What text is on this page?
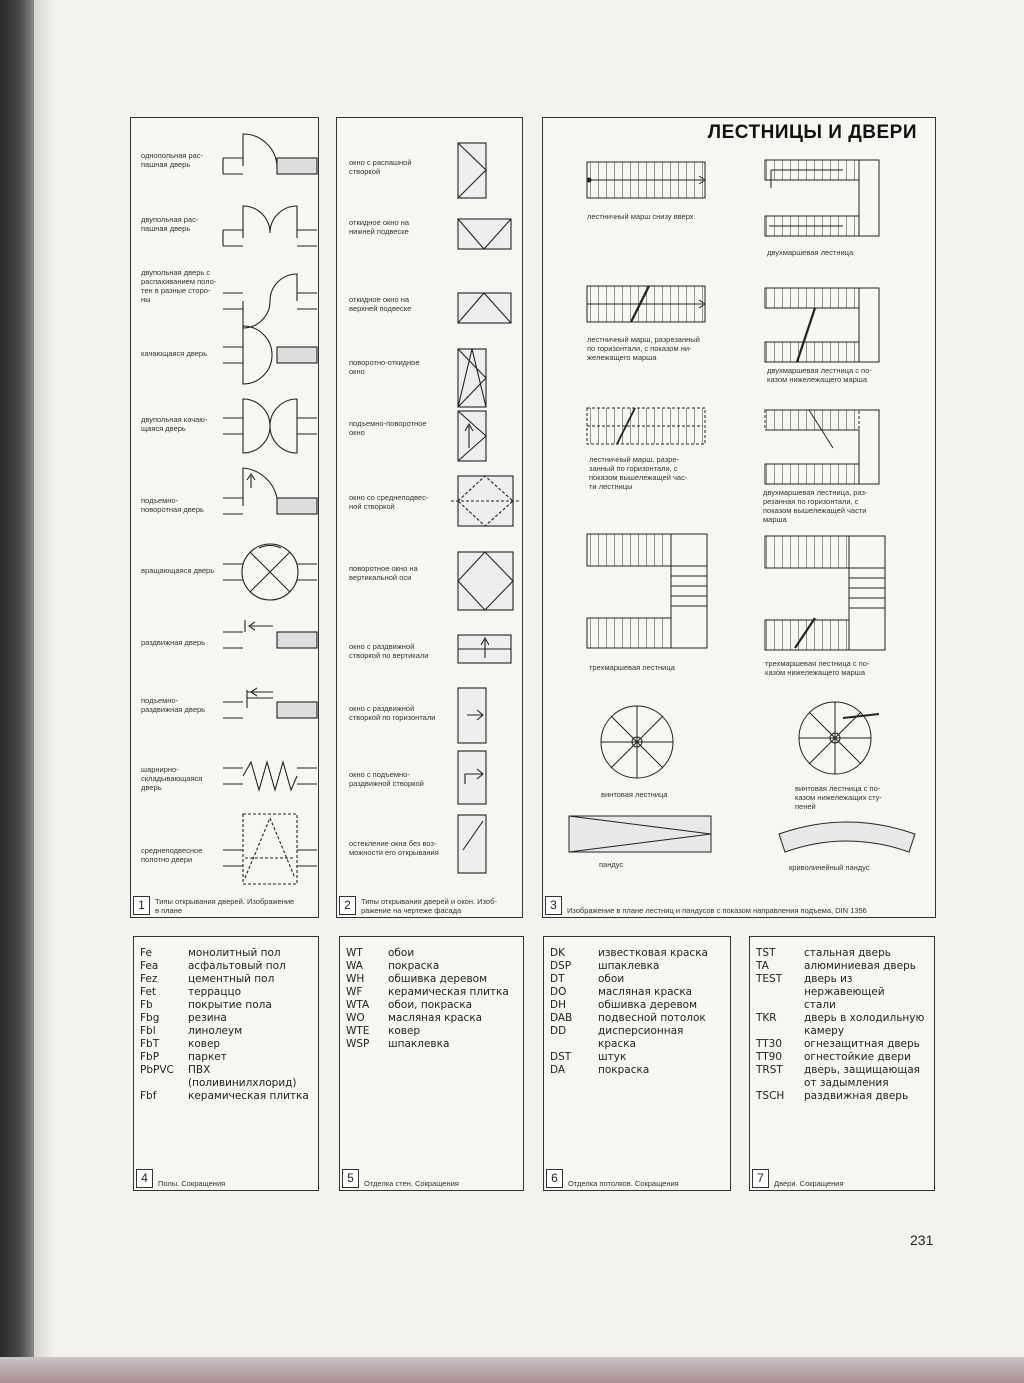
однопольная рас-
пашная дверь
двупольная рас-
пашная дверь
двупольная дверь с
распахиванием поло-
тен в разные сторо-
ны
качающаяся дверь
двупольная качаю-
щаяся дверь
подъемно-
поворотная дверь
вращающаяся дверь
раздвижная дверь
подъемно-
раздвижная дверь
шарнирно-
складывающаяся
дверь
среднеподвесное
полотно двери
1	Типы открывания дверей. Изображение
в плане
окно с распашной
створкой
откидное окно на
нижней подвеске
откидное окно на
верхней подвеске
поворотно-откидное
окно
подъемно-поворотное
окно
окно со среднеподвес-
ной створкой
поворотное окно на
вертикальной оси
окно с раздвижной
створкой по вертикали
окно с раздвижной
створкой по горизонтали
окно с подъемно-
раздвижной створкой
остекление окна без воз-
можности его открывания
2	Типы открывания дверей и окон. Изоб-
ражение на чертеже фасада
ЛЕСТНИЦЫ И ДВЕРИ
лестничный марш снизу вверх
двухмаршевая лестница
лестничный марш, разрезанный
по горизонтали, с показом ни-
жележащего марша
двухмаршевая лестница с по-
казом нижележащего марша
лестничный марш, разре-
занный по горизонтали, с
показом вышележащей час-
ти лестницы
двухмаршевая лестница, раз-
резанная по горизонтали, с
показом вышележащей части
марша
трехмаршевая лестница	трехмаршевая лестница с по-
казом нижележащего марша
винтовая лестница
винтовая лестница с по-
казом нижележащих сту-
пеней
пандус	криволинейный пандус
3	Изображение в плане лестниц и пандусов с показом направления подъема, DIN 1356
Fe	монолитный пол
Fea	асфальтовый пол
Fez	цементный пол
Fet	терраццо
Fb	покрытие пола
Fbg	резина
Fbl	линолеум
FbT	ковер
FbP	паркет
PbPVC	ПВХ (поливинилхлорид)
Fbf	керамическая плитка
4	Полы. Сокращения
WT	обои
WA	покраска
WH	обшивка деревом
WF	керамическая плитка
WTA	обои, покраска
WO	масляная краска
WTE	ковер
WSP	шпаклевка
5	Отделка стен. Сокращения
DK	известковая краска
DSP	шпаклевка
DT	обои
DO	масляная краска
DH	обшивка деревом
DAB	подвесной потолок
DD	дисперсионная
краска
DST	штук
DA	покраска
6	Отделка потолков. Сокращения
TST	стальная дверь
TA	алюминиевая дверь
TEST	дверь из нержавеющей
стали
TKR	дверь в холодильную
камеру
TT30	огнезащитная дверь
TT90	огнестойкие двери
TRST	дверь, защищающая
от задымления
TSCH	раздвижная дверь
7	Двери. Сокращения
231
